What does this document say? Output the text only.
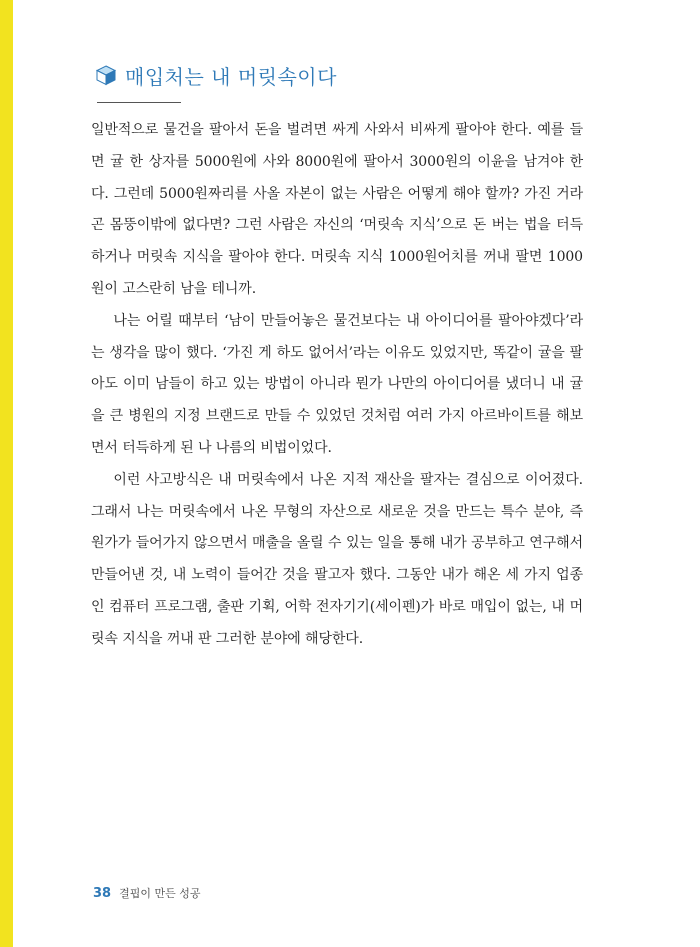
매입처는 내 머릿속이다

일반적으로 물건을 팔아서 돈을 벌려면 싸게 사와서 비싸게 팔아야 한다. 예를 들면 귤 한 상자를 5000원에 사와 8000원에 팔아서 3000원의 이윤을 남겨야 한다. 그런데 5000원짜리를 사올 자본이 없는 사람은 어떻게 해야 할까? 가진 거라곤 몸뚱이밖에 없다면? 그런 사람은 자신의 ‘머릿속 지식’으로 돈 버는 법을 터득하거나 머릿속 지식을 팔아야 한다. 머릿속 지식 1000원어치를 꺼내 팔면 1000원이 고스란히 남을 테니까.

나는 어릴 때부터 ‘남이 만들어놓은 물건보다는 내 아이디어를 팔아야겠다’라는 생각을 많이 했다. ‘가진 게 하도 없어서’라는 이유도 있었지만, 똑같이 귤을 팔아도 이미 남들이 하고 있는 방법이 아니라 뭔가 나만의 아이디어를 냈더니 내 귤을 큰 병원의 지정 브랜드로 만들 수 있었던 것처럼 여러 가지 아르바이트를 해보면서 터득하게 된 나 나름의 비법이었다.

이런 사고방식은 내 머릿속에서 나온 지적 재산을 팔자는 결심으로 이어졌다. 그래서 나는 머릿속에서 나온 무형의 자산으로 새로운 것을 만드는 특수 분야, 즉 원가가 들어가지 않으면서 매출을 올릴 수 있는 일을 통해 내가 공부하고 연구해서 만들어낸 것, 내 노력이 들어간 것을 팔고자 했다. 그동안 내가 해온 세 가지 업종인 컴퓨터 프로그램, 출판 기획, 어학 전자기기(세이펜)가 바로 매입이 없는, 내 머릿속 지식을 꺼내 판 그러한 분야에 해당한다.

38 결핍이 만든 성공
